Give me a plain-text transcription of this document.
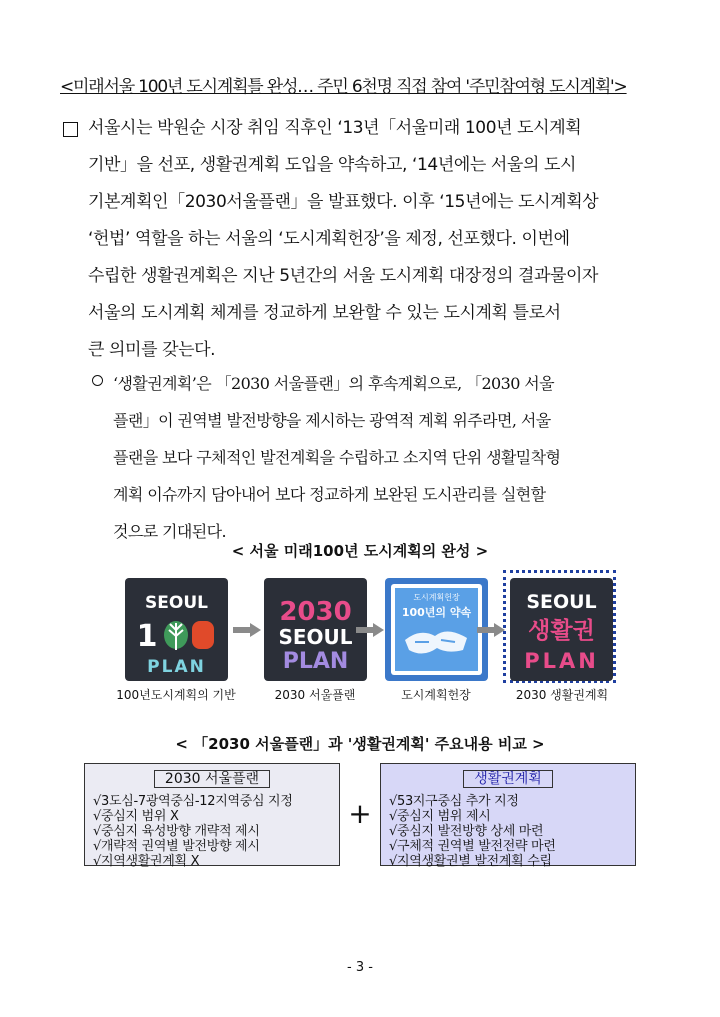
<미래서울 100년 도시계획틀 완성… 주민 6천명 직접 참여 '주민참여형 도시계획'>
서울시는 박원순 시장 취임 직후인 ‘13년「서울미래 100년 도시계획
기반」을 선포, 생활권계획 도입을 약속하고, ‘14년에는 서울의 도시
기본계획인「2030서울플랜」을 발표했다. 이후 ‘15년에는 도시계획상
‘헌법’ 역할을 하는 서울의 ‘도시계획헌장’을 제정, 선포했다. 이번에
수립한 생활권계획은 지난 5년간의 서울 도시계획 대장정의 결과물이자
서울의 도시계획 체계를 정교하게 보완할 수 있는 도시계획 틀로서
큰 의미를 갖는다.
‘생활권계획’은 「2030 서울플랜」의 후속계획으로, 「2030 서울
플랜」이 권역별 발전방향을 제시하는 광역적 계획 위주라면, 서울
플랜을 보다 구체적인 발전계획을 수립하고 소지역 단위 생활밀착형
계획 이슈까지 담아내어 보다 정교하게 보완된 도시관리를 실현할
것으로 기대된다.
< 서울 미래100년 도시계획의 완성 >
SEOUL
1
PLAN
100년도시계획의 기반
2030
SEOUL
PLAN
2030 서울플랜
도시계획헌장
100년의 약속
도시계획헌장
SEOUL
생활권
PLAN
2030 생활권계획
< 「2030 서울플랜」과 '생활권계획' 주요내용 비교 >
2030 서울플랜
√3도심-7광역중심-12지역중심 지정
√중심지 범위 X
√중심지 육성방향 개략적 제시
√개략적 권역별 발전방향 제시
√지역생활권계획 X
+
생활권계획
√53지구중심 추가 지정
√중심지 범위 제시
√중심지 발전방향 상세 마련
√구체적 권역별 발전전략 마련
√지역생활권별 발전계획 수립
- 3 -
